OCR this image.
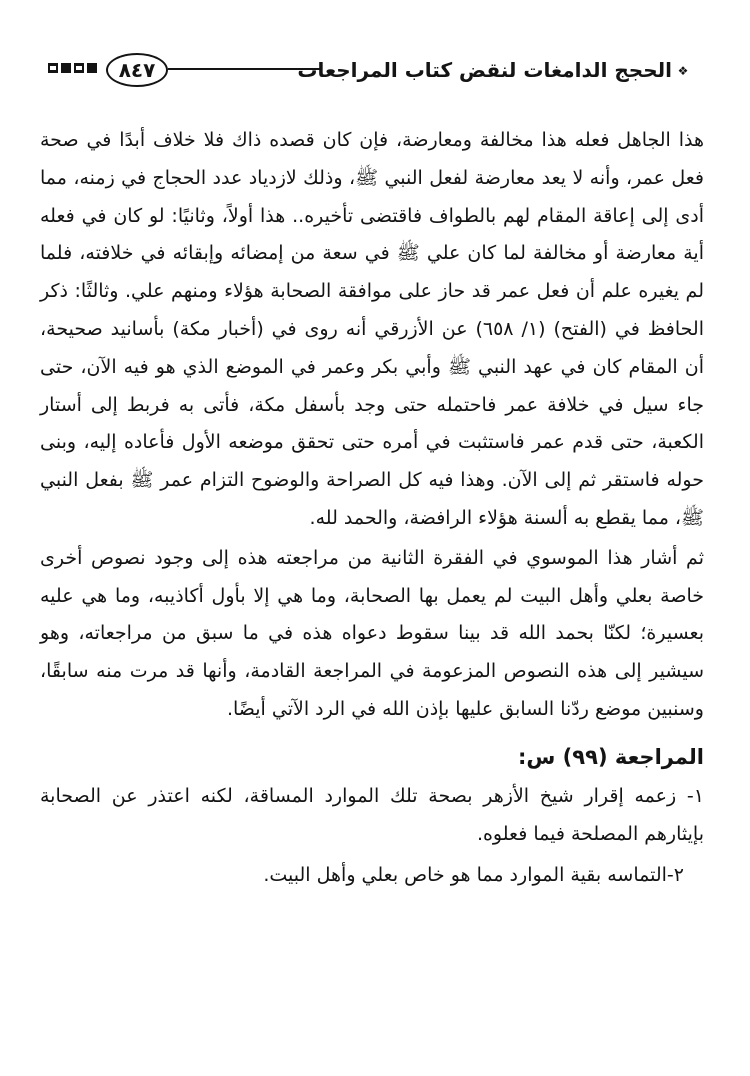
٨٤٧	الحجج الدامغات لنقض كتاب المراجعات ❖

هذا الجاهل فعله هذا مخالفة ومعارضة، فإن كان قصده ذاك فلا خلاف أبدًا في صحة فعل عمر، وأنه لا يعد معارضة لفعل النبي ﷺ، وذلك لازدياد عدد الحجاج في زمنه، مما أدى إلى إعاقة المقام لهم بالطواف فاقتضى تأخيره.. هذا أولاً، وثانيًا: لو كان في فعله أية معارضة أو مخالفة لما كان علي ﷺ في سعة من إمضائه وإبقائه في خلافته، فلما لم يغيره علم أن فعل عمر قد حاز على موافقة الصحابة هؤلاء ومنهم علي. وثالثًا: ذكر الحافظ في (الفتح) (١/ ٦٥٨) عن الأزرقي أنه روى في (أخبار مكة) بأسانيد صحيحة، أن المقام كان في عهد النبي ﷺ وأبي بكر وعمر في الموضع الذي هو فيه الآن، حتى جاء سيل في خلافة عمر فاحتمله حتى وجد بأسفل مكة، فأتى به فربط إلى أستار الكعبة، حتى قدم عمر فاستثبت في أمره حتى تحقق موضعه الأول فأعاده إليه، وبنى حوله فاستقر ثم إلى الآن. وهذا فيه كل الصراحة والوضوح التزام عمر ﷺ بفعل النبي ﷺ، مما يقطع به ألسنة هؤلاء الرافضة، والحمد لله.

ثم أشار هذا الموسوي في الفقرة الثانية من مراجعته هذه إلى وجود نصوص أخرى خاصة بعلي وأهل البيت لم يعمل بها الصحابة، وما هي إلا بأول أكاذيبه، وما هي عليه بعسيرة؛ لكنّا بحمد الله قد بينا سقوط دعواه هذه في ما سبق من مراجعاته، وهو سيشير إلى هذه النصوص المزعومة في المراجعة القادمة، وأنها قد مرت منه سابقًا، وسنبين موضع ردّنا السابق عليها بإذن الله في الرد الآتي أيضًا.

المراجعة (٩٩) س:

١- زعمه إقرار شيخ الأزهر بصحة تلك الموارد المساقة، لكنه اعتذر عن الصحابة بإيثارهم المصلحة فيما فعلوه.

٢-التماسه بقية الموارد مما هو خاص بعلي وأهل البيت.
